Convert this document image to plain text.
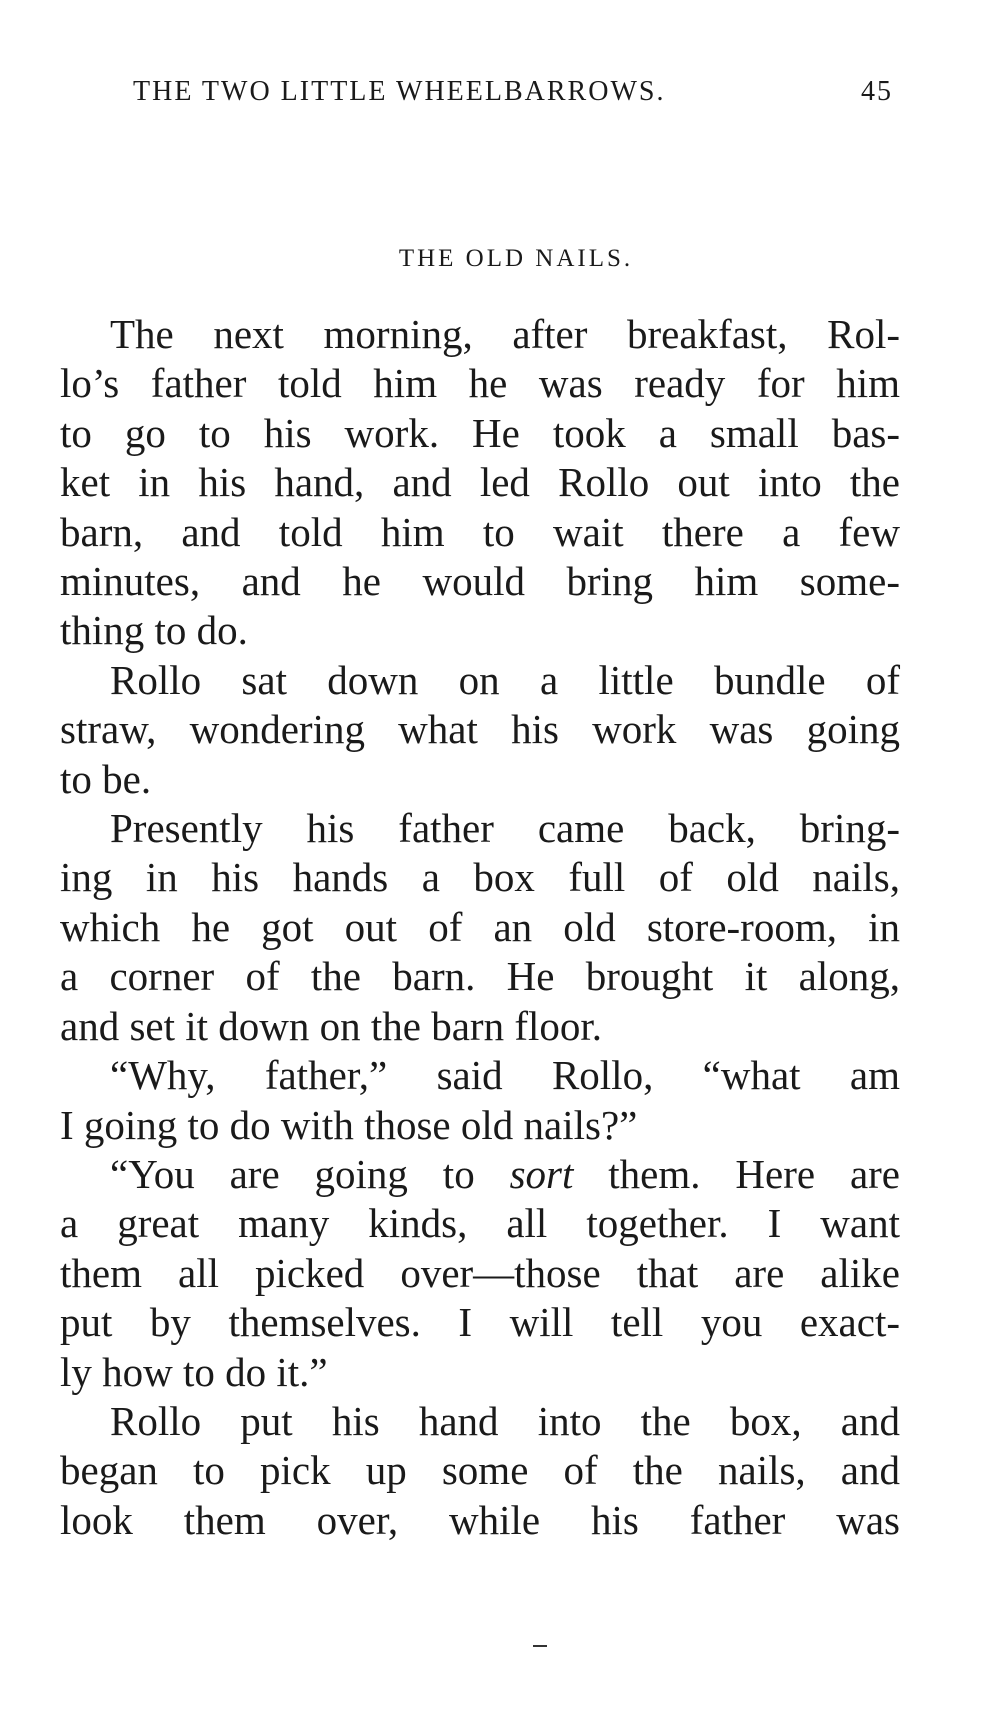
THE TWO LITTLE WHEELBARROWS.	45
THE OLD NAILS.
The next morning, after breakfast, Rol-
lo’s father told him he was ready for him
to go to his work. He took a small bas-
ket in his hand, and led Rollo out into the
barn, and told him to wait there a few
minutes, and he would bring him some-
thing to do.
Rollo sat down on a little bundle of
straw, wondering what his work was going
to be.
Presently his father came back, bring-
ing in his hands a box full of old nails,
which he got out of an old store-room, in
a corner of the barn. He brought it along,
and set it down on the barn floor.
“Why, father,” said Rollo, “what am
I going to do with those old nails?”
“You are going to sort them. Here are
a great many kinds, all together. I want
them all picked over—those that are alike
put by themselves. I will tell you exact-
ly how to do it.”
Rollo put his hand into the box, and
began to pick up some of the nails, and
look them over, while his father was
